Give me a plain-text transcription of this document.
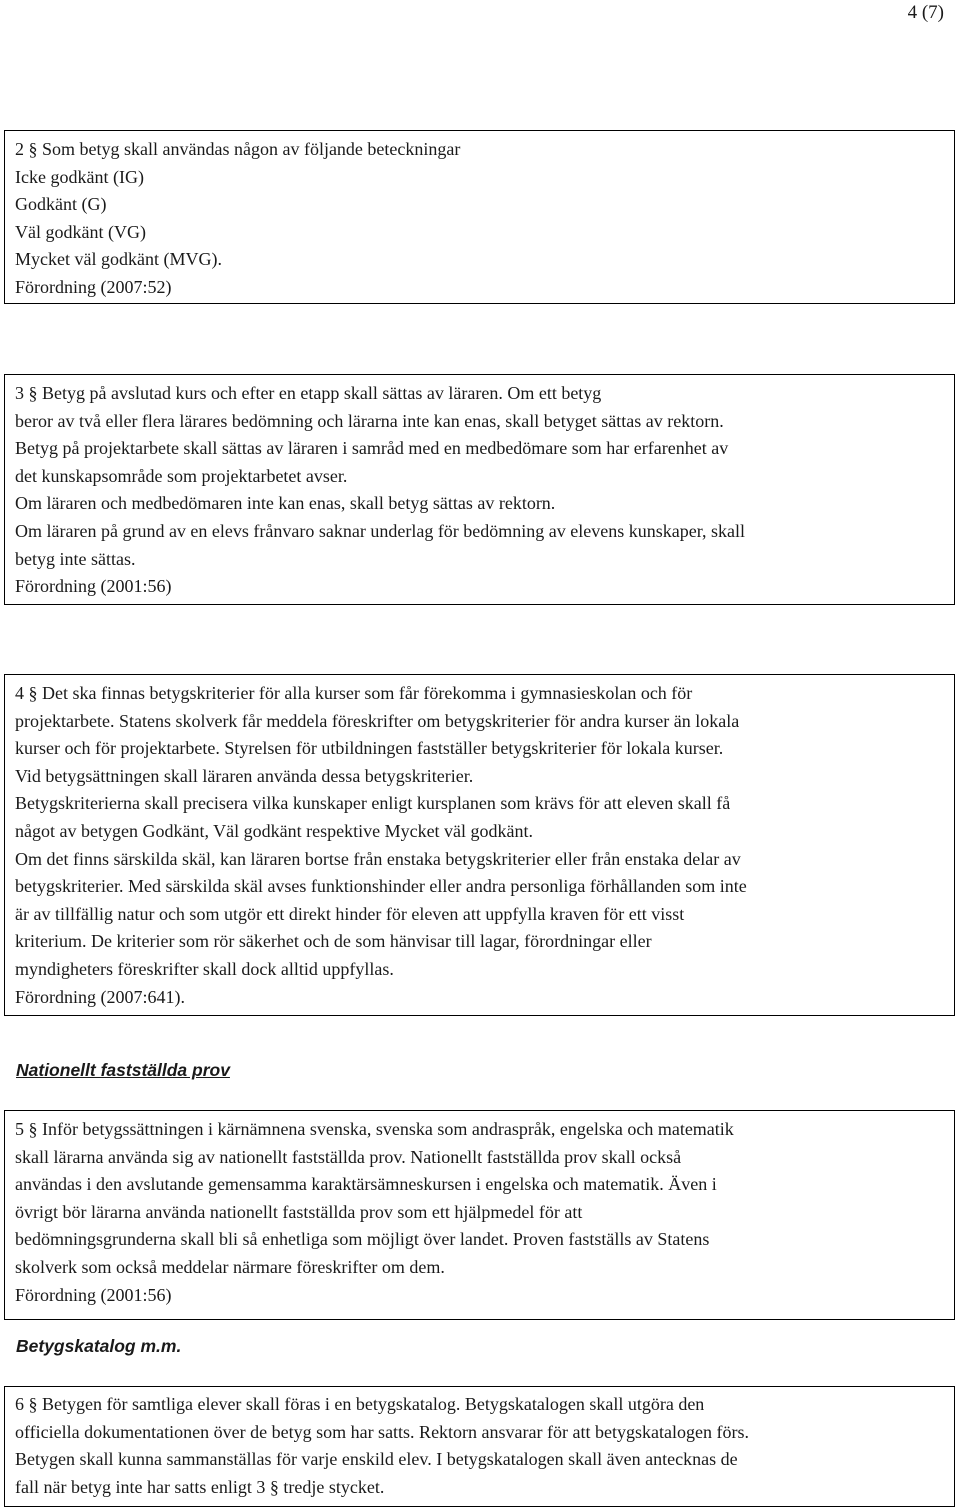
4 (7)

2 § Som betyg skall användas någon av följande beteckningar

Icke godkänt (IG)

Godkänt (G)

Väl godkänt (VG)

Mycket väl godkänt (MVG).

Förordning (2007:52)

3 § Betyg på avslutad kurs och efter en etapp skall sättas av läraren. Om ett betyg

beror av två eller flera lärares bedömning och lärarna inte kan enas, skall betyget sättas av rektorn.

Betyg på projektarbete skall sättas av läraren i samråd med en medbedömare som har erfarenhet av

det kunskapsområde som projektarbetet avser.

Om läraren och medbedömaren inte kan enas, skall betyg sättas av rektorn.

Om läraren på grund av en elevs frånvaro saknar underlag för bedömning av elevens kunskaper, skall

betyg inte sättas.

Förordning (2001:56)

4 § Det ska finnas betygskriterier för alla kurser som får förekomma i gymnasieskolan och för

projektarbete. Statens skolverk får meddela föreskrifter om betygskriterier för andra kurser än lokala

kurser och för projektarbete. Styrelsen för utbildningen fastställer betygskriterier för lokala kurser.

Vid betygsättningen skall läraren använda dessa betygskriterier.

Betygskriterierna skall precisera vilka kunskaper enligt kursplanen som krävs för att eleven skall få

något av betygen Godkänt, Väl godkänt respektive Mycket väl godkänt.

Om det finns särskilda skäl, kan läraren bortse från enstaka betygskriterier eller från enstaka delar av

betygskriterier. Med särskilda skäl avses funktionshinder eller andra personliga förhållanden som inte

är av tillfällig natur och som utgör ett direkt hinder för eleven att uppfylla kraven för ett visst

kriterium. De kriterier som rör säkerhet och de som hänvisar till lagar, förordningar eller

myndigheters föreskrifter skall dock alltid uppfyllas.

Förordning (2007:641).

Nationellt fastställda prov

5 § Inför betygssättningen i kärnämnena svenska, svenska som andraspråk, engelska och matematik

skall lärarna använda sig av nationellt fastställda prov. Nationellt fastställda prov skall också

användas i den avslutande gemensamma karaktärsämneskursen i engelska och matematik. Även i

övrigt bör lärarna använda nationellt fastställda prov som ett hjälpmedel för att

bedömningsgrunderna skall bli så enhetliga som möjligt över landet. Proven fastställs av Statens

skolverk som också meddelar närmare föreskrifter om dem.

Förordning (2001:56)

Betygskatalog m.m.

6 § Betygen för samtliga elever skall föras i en betygskatalog. Betygskatalogen skall utgöra den

officiella dokumentationen över de betyg som har satts. Rektorn ansvarar för att betygskatalogen förs.

Betygen skall kunna sammanställas för varje enskild elev. I betygskatalogen skall även antecknas de

fall när betyg inte har satts enligt 3 § tredje stycket.
